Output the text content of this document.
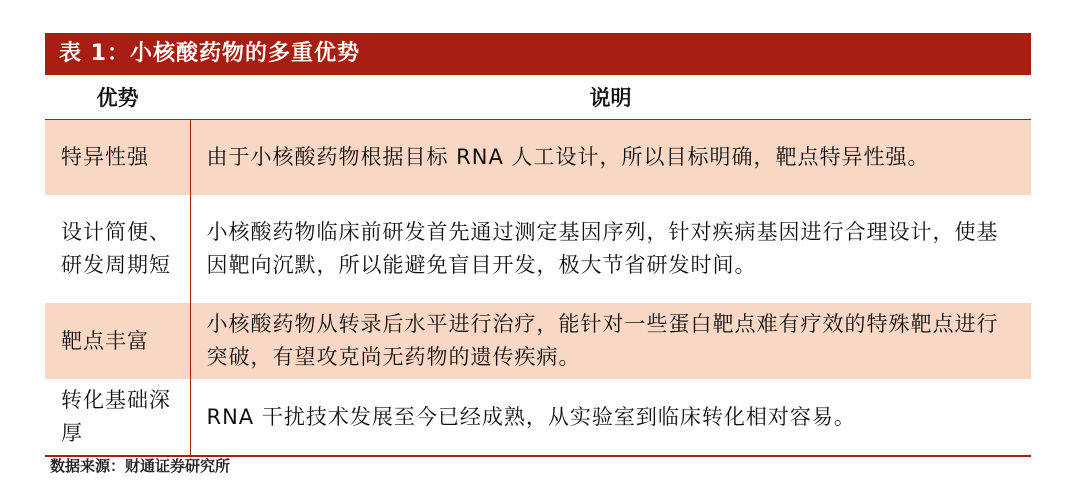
表 1：小核酸药物的多重优势
优势	说明
特异性强	由于小核酸药物根据目标 RNA 人工设计，所以目标明确，靶点特异性强。
设计简便、研发周期短	小核酸药物临床前研发首先通过测定基因序列，针对疾病基因进行合理设计，使基因靶向沉默，所以能避免盲目开发，极大节省研发时间。
靶点丰富	小核酸药物从转录后水平进行治疗，能针对一些蛋白靶点难有疗效的特殊靶点进行突破，有望攻克尚无药物的遗传疾病。
转化基础深厚	RNA 干扰技术发展至今已经成熟，从实验室到临床转化相对容易。
数据来源：财通证券研究所
